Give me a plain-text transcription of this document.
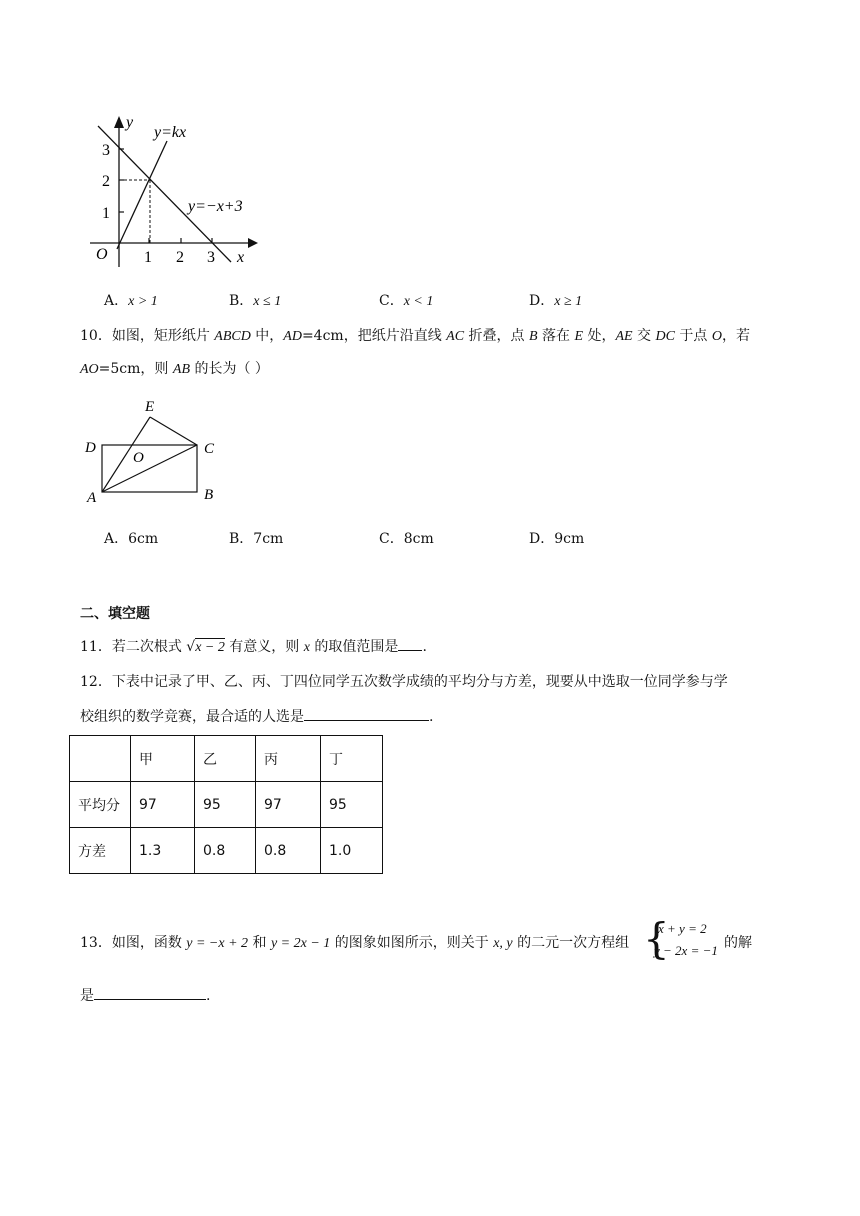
y
x
O
3
2
1
1 2 3
y=kx
y=−x+3
A．x > 1	B．x ≤ 1	C．x < 1	D．x ≥ 1
10．如图，矩形纸片 ABCD 中，AD=4cm，把纸片沿直线 AC 折叠，点 B 落在 E 处，AE 交 DC 于点 O，若
AO=5cm，则 AB 的长为（ ）
E
D	C
O
A	B
A．6cm	B．7cm	C．8cm	D．9cm
二、填空题
11．若二次根式 √x − 2 有意义，则 x 的取值范围是 .
12．下表中记录了甲、乙、丙、丁四位同学五次数学成绩的平均分与方差，现要从中选取一位同学参与学
校组织的数学竞赛，最合适的人选是	.
	甲	乙	丙	丁
平均分	97	95	97	95
方差	1.3	0.8	0.8	1.0
13．如图，函数 y = −x + 2 和 y = 2x − 1 的图象如图所示，则关于 x, y 的二元一次方程组 {
x + y = 2
y − 2x = −1 的解
是	.
